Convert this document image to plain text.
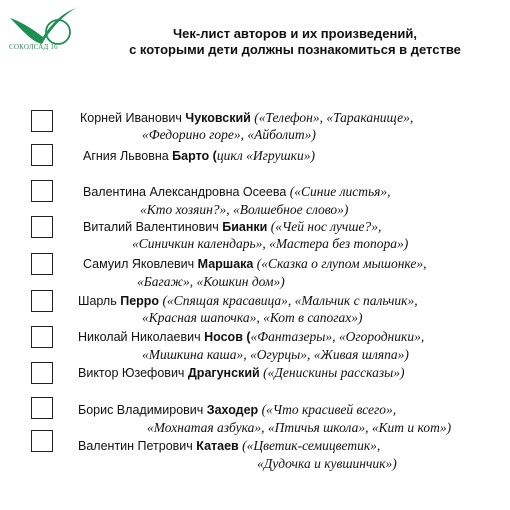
СОКОЛСАД 16
Чек-лист авторов и их произведений,
с которыми дети должны познакомиться в детстве
Корней Иванович Чуковский («Телефон», «Тараканище»,
«Федорино горе», «Айболит»)
Агния Львовна Барто (цикл «Игрушки»)
Валентина Александровна Осеева («Синие листья»,
«Кто хозяин?», «Волшебное слово»)
Виталий Валентинович Бианки («Чей нос лучше?»,
«Синичкин календарь», «Мастера без топора»)
Самуил Яковлевич Маршака («Сказка о глупом мышонке»,
«Багаж», «Кошкин дом»)
Шарль Перро («Спящая красавица», «Мальчик с пальчик»,
«Красная шапочка», «Кот в сапогах»)
Николай Николаевич Носов («Фантазеры», «Огородники»,
«Мишкина каша», «Огурцы», «Живая шляпа»)
Виктор Юзефович Драгунский («Денискины рассказы»)
Борис Владимирович Заходер («Что красивей всего»,
«Мохнатая азбука», «Птичья школа», «Кит и кот»)
Валентин Петрович Катаев («Цветик-семицветик»,
«Дудочка и кувшинчик»)
